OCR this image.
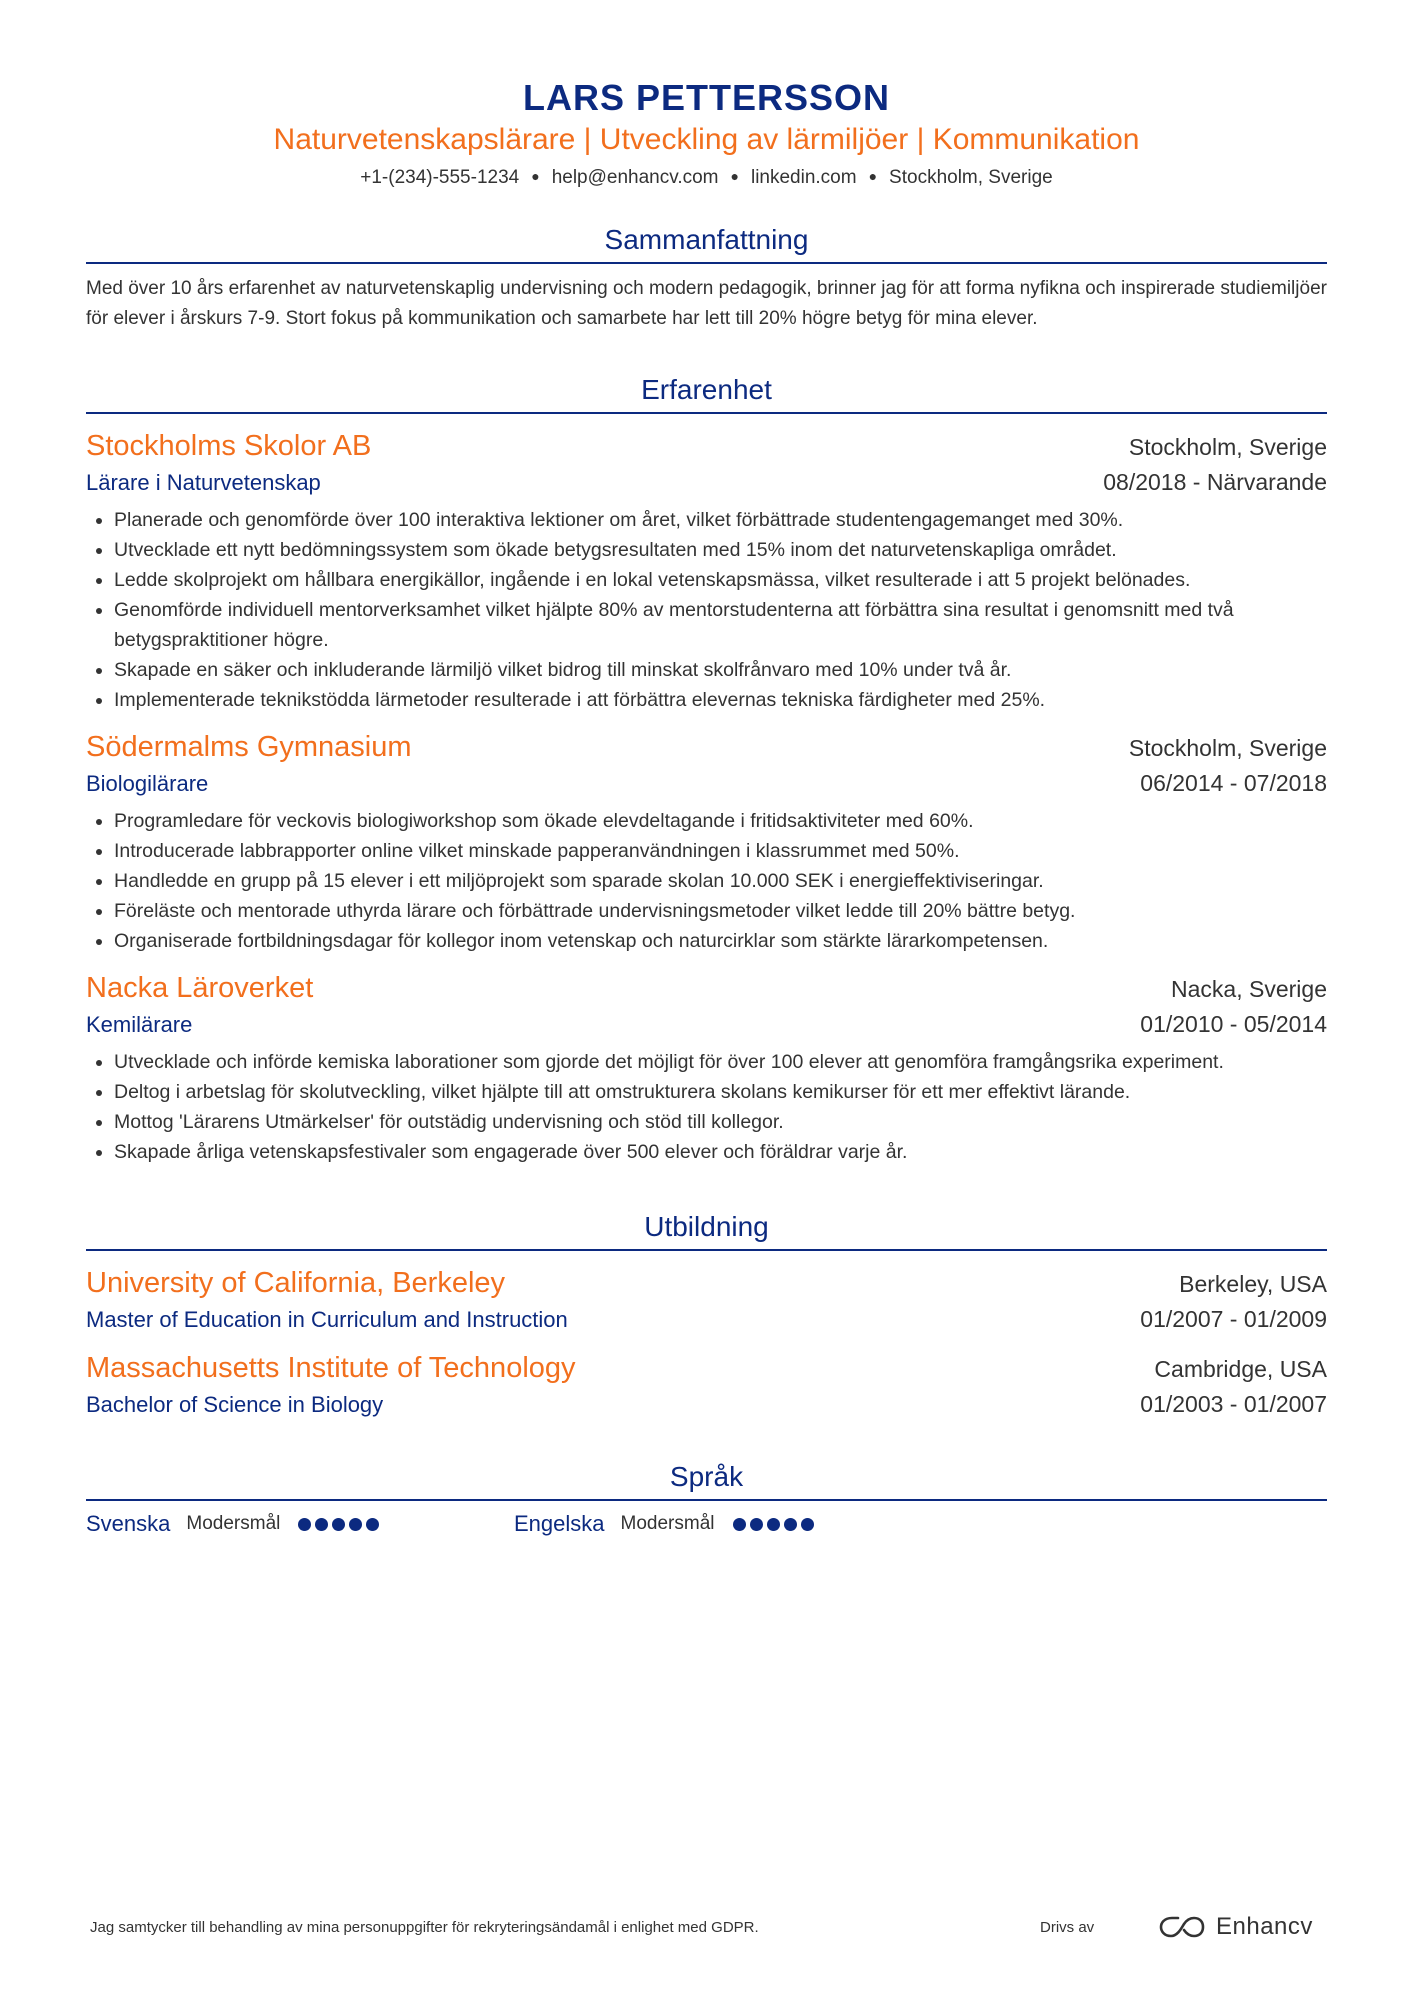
LARS PETTERSSON
Naturvetenskapslärare | Utveckling av lärmiljöer | Kommunikation
+1-(234)-555-1234 ● help@enhancv.com ● linkedin.com ● Stockholm, Sverige
Sammanfattning
Med över 10 års erfarenhet av naturvetenskaplig undervisning och modern pedagogik, brinner jag för att forma nyfikna och inspirerade studiemiljöer för elever i årskurs 7-9. Stort fokus på kommunikation och samarbete har lett till 20% högre betyg för mina elever.
Erfarenhet
Stockholms Skolor AB	Stockholm, Sverige
Lärare i Naturvetenskap	08/2018 - Närvarande
• Planerade och genomförde över 100 interaktiva lektioner om året, vilket förbättrade studentengagemanget med 30%.
• Utvecklade ett nytt bedömningssystem som ökade betygsresultaten med 15% inom det naturvetenskapliga området.
• Ledde skolprojekt om hållbara energikällor, ingående i en lokal vetenskapsmässa, vilket resulterade i att 5 projekt belönades.
• Genomförde individuell mentorverksamhet vilket hjälpte 80% av mentorstudenterna att förbättra sina resultat i genomsnitt med två betygspraktitioner högre.
• Skapade en säker och inkluderande lärmiljö vilket bidrog till minskat skolfrånvaro med 10% under två år.
• Implementerade teknikstödda lärmetoder resulterade i att förbättra elevernas tekniska färdigheter med 25%.
Södermalms Gymnasium	Stockholm, Sverige
Biologilärare	06/2014 - 07/2018
• Programledare för veckovis biologiworkshop som ökade elevdeltagande i fritidsaktiviteter med 60%.
• Introducerade labbrapporter online vilket minskade papperanvändningen i klassrummet med 50%.
• Handledde en grupp på 15 elever i ett miljöprojekt som sparade skolan 10.000 SEK i energieffektiviseringar.
• Föreläste och mentorade uthyrda lärare och förbättrade undervisningsmetoder vilket ledde till 20% bättre betyg.
• Organiserade fortbildningsdagar för kollegor inom vetenskap och naturcirklar som stärkte lärarkompetensen.
Nacka Läroverket	Nacka, Sverige
Kemilärare	01/2010 - 05/2014
• Utvecklade och införde kemiska laborationer som gjorde det möjligt för över 100 elever att genomföra framgångsrika experiment.
• Deltog i arbetslag för skolutveckling, vilket hjälpte till att omstrukturera skolans kemikurser för ett mer effektivt lärande.
• Mottog 'Lärarens Utmärkelser' för outstädig undervisning och stöd till kollegor.
• Skapade årliga vetenskapsfestivaler som engagerade över 500 elever och föräldrar varje år.
Utbildning
University of California, Berkeley	Berkeley, USA
Master of Education in Curriculum and Instruction	01/2007 - 01/2009
Massachusetts Institute of Technology	Cambridge, USA
Bachelor of Science in Biology	01/2003 - 01/2007
Språk
Svenska Modersmål	Engelska Modersmål
Jag samtycker till behandling av mina personuppgifter för rekryteringsändamål i enlighet med GDPR.	Drivs av	Enhancv
